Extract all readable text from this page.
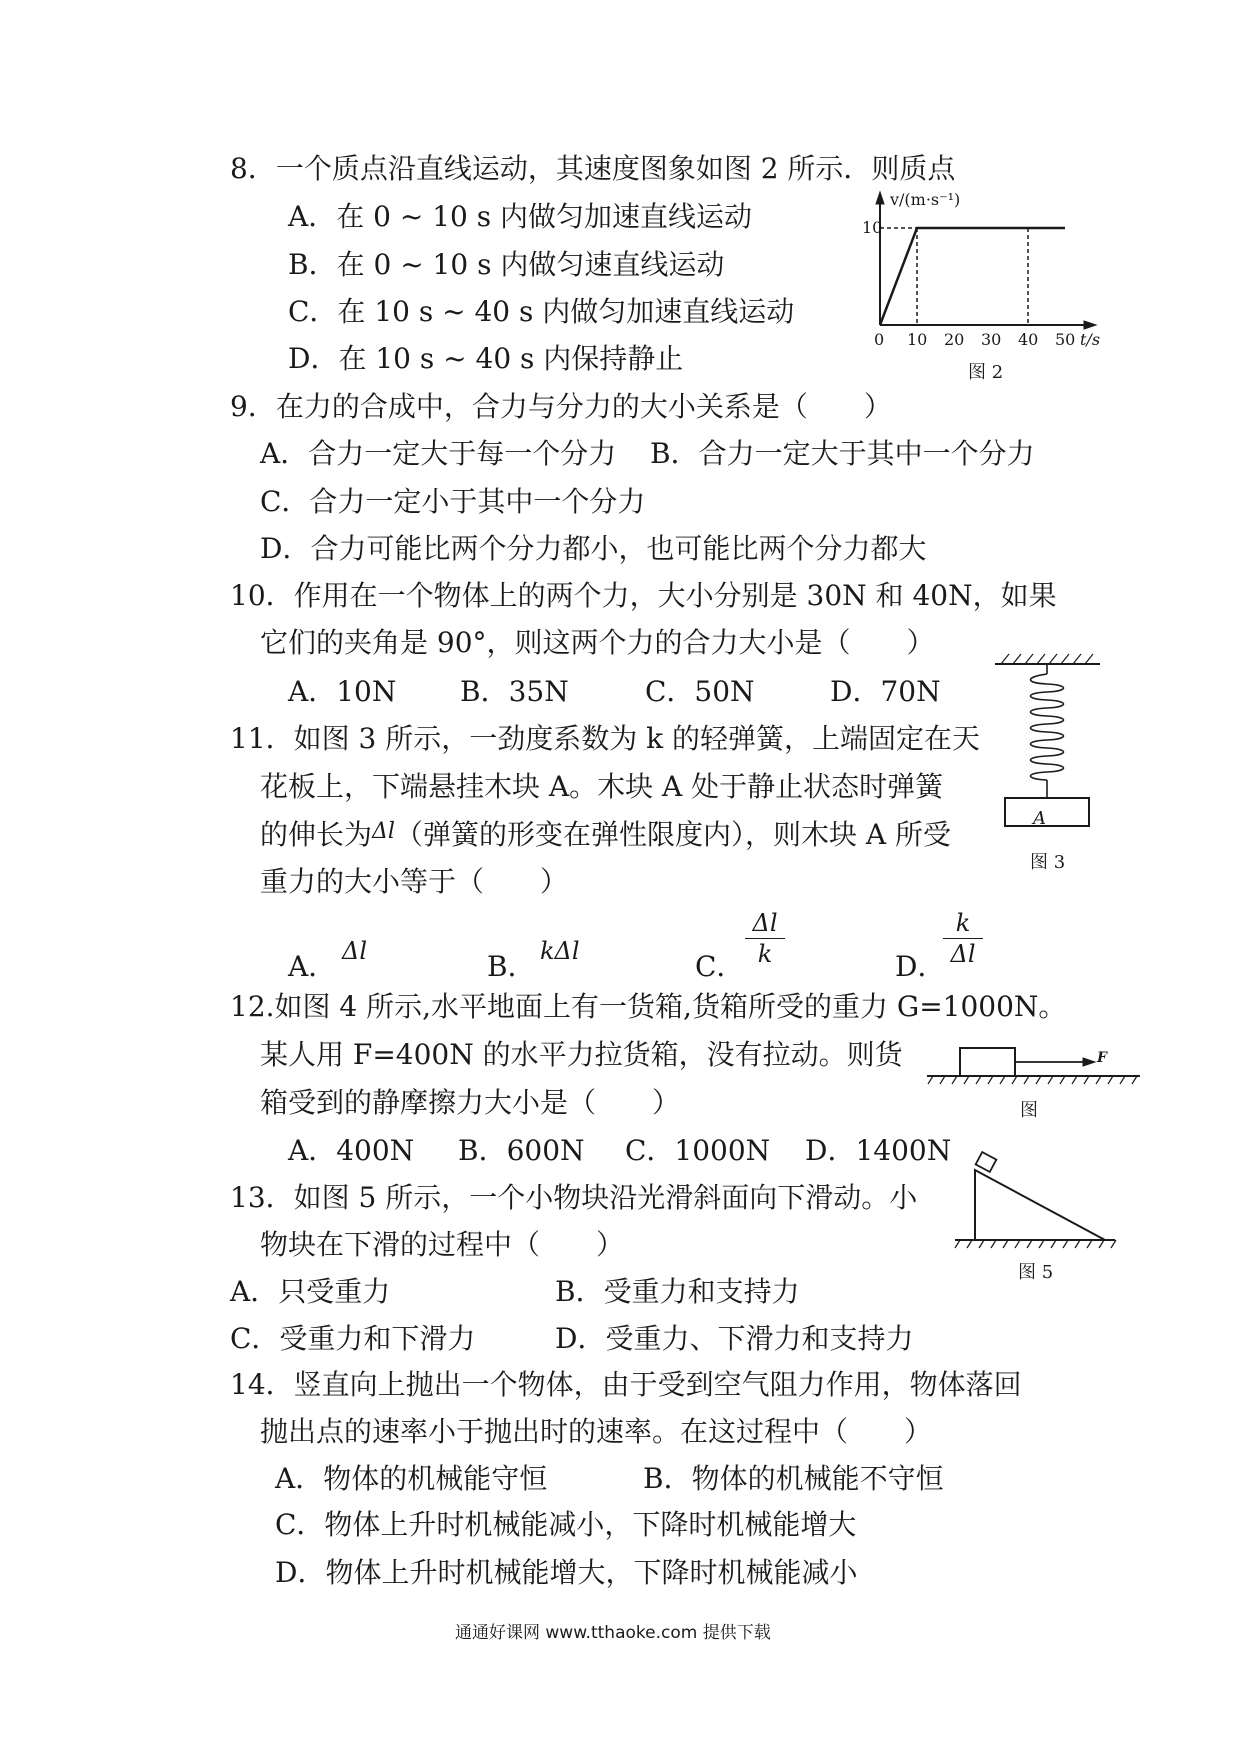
8．一个质点沿直线运动，其速度图象如图 2 所示．则质点
A．在 0 ~ 10 s 内做匀加速直线运动
B．在 0 ~ 10 s 内做匀速直线运动
C．在 10 s ~ 40 s 内做匀加速直线运动
D．在 10 s ~ 40 s 内保持静止
v/(m·s⁻¹)
10
0 10 20 30 40 50 t/s
图 2
9．在力的合成中，合力与分力的大小关系是（　　）
A．合力一定大于每一个分力 B．合力一定大于其中一个分力
C．合力一定小于其中一个分力
D．合力可能比两个分力都小，也可能比两个分力都大
10．作用在一个物体上的两个力，大小分别是 30N 和 40N，如果
它们的夹角是 90°，则这两个力的合力大小是（　　）
A．10N B．35N	C．50N	D．70N
A
图 3
11．如图 3 所示，一劲度系数为 k 的轻弹簧，上端固定在天
花板上，下端悬挂木块 A。木块 A 处于静止状态时弹簧
的伸长为$^{\Delta l}$（弹簧的形变在弹性限度内），则木块 A 所受
重力的大小等于（　　）
A． Δl	B． kΔl	C． $\frac{\Delta l}{k}$	D．
$\frac{k}{\Delta l}$
12.如图 4 所示,水平地面上有一货箱,货箱所受的重力 G=1000N。
某人用 F=400N 的水平力拉货箱，没有拉动。则货
箱受到的静摩擦力大小是（　　）
A．400N B．600N C．1000N D．1400N
F
图
13．如图 5 所示，一个小物块沿光滑斜面向下滑动。小
物块在下滑的过程中（　　）
A．只受重力	B．受重力和支持力
C．受重力和下滑力	D．受重力、下滑力和支持力
图 5
14．竖直向上抛出一个物体，由于受到空气阻力作用，物体落回
抛出点的速率小于抛出时的速率。在这过程中（　　）
A．物体的机械能守恒	B．物体的机械能不守恒
C．物体上升时机械能减小，下降时机械能增大
D．物体上升时机械能增大，下降时机械能减小
通通好课网 www.tthaoke.com 提供下载
